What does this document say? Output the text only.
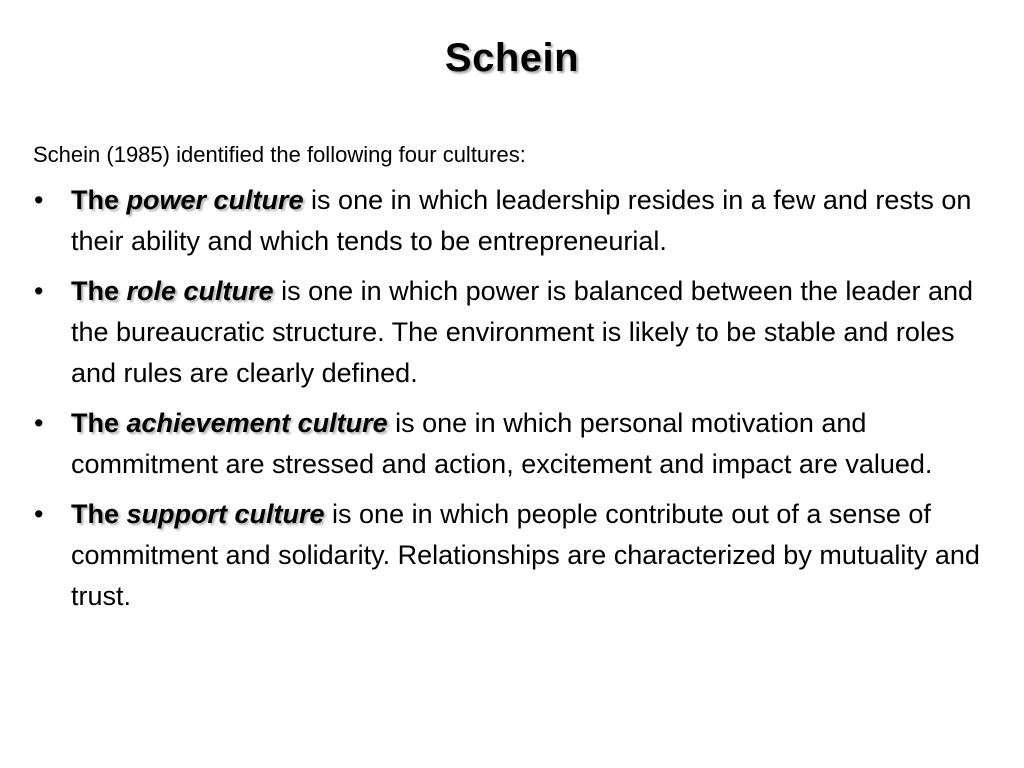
Schein

Schein (1985) identified the following four cultures:

• The power culture is one in which leadership resides in a few and rests on their ability and which tends to be entrepreneurial.
• The role culture is one in which power is balanced between the leader and the bureaucratic structure. The environment is likely to be stable and roles and rules are clearly defined.
• The achievement culture is one in which personal motivation and commitment are stressed and action, excitement and impact are valued.
• The support culture is one in which people contribute out of a sense of commitment and solidarity. Relationships are characterized by mutuality and trust.
